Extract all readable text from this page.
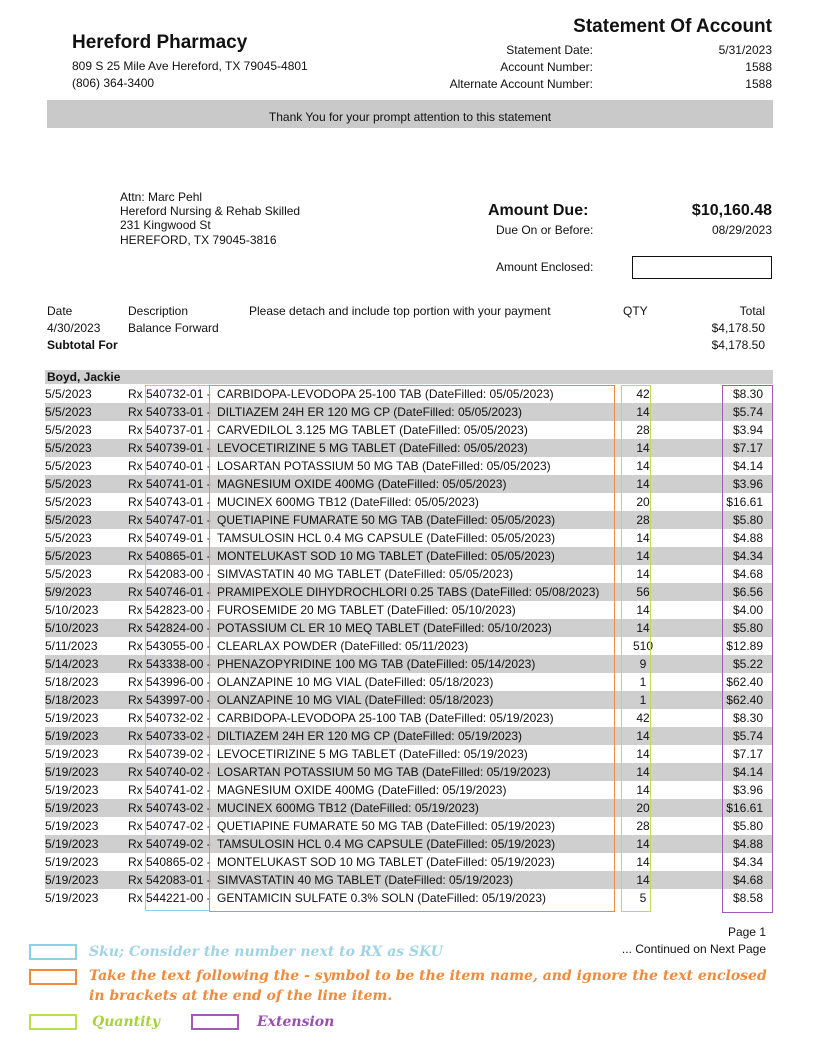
Hereford Pharmacy
809 S 25 Mile Ave Hereford, TX 79045-4801
(806) 364-3400
Statement Of Account
Statement Date:	5/31/2023
Account Number:	1588
Alternate Account Number:	1588
Thank You for your prompt attention to this statement
Attn: Marc Pehl
Hereford Nursing & Rehab Skilled
231 Kingwood St
HEREFORD, TX 79045-3816
Amount Due:	$10,160.48
Due On or Before:	08/29/2023
Amount Enclosed:
Date	Description	Please detach and include top portion with your payment	QTY	Total
4/30/2023 Balance Forward	$4,178.50
Subtotal For	$4,178.50
Boyd, Jackie
5/5/2023	Rx 540732-01 - CARBIDOPA-LEVODOPA 25-100 TAB (DateFilled: 05/05/2023)	42	$8.30
5/5/2023	Rx 540733-01 - DILTIAZEM 24H ER 120 MG CP (DateFilled: 05/05/2023)	14	$5.74
5/5/2023	Rx 540737-01 - CARVEDILOL 3.125 MG TABLET (DateFilled: 05/05/2023)	28	$3.94
5/5/2023	Rx 540739-01 - LEVOCETIRIZINE 5 MG TABLET (DateFilled: 05/05/2023)	14	$7.17
5/5/2023	Rx 540740-01 - LOSARTAN POTASSIUM 50 MG TAB (DateFilled: 05/05/2023)	14	$4.14
5/5/2023	Rx 540741-01 - MAGNESIUM OXIDE 400MG (DateFilled: 05/05/2023)	14	$3.96
5/5/2023	Rx 540743-01 - MUCINEX 600MG TB12 (DateFilled: 05/05/2023)	20	$16.61
5/5/2023	Rx 540747-01 - QUETIAPINE FUMARATE 50 MG TAB (DateFilled: 05/05/2023)	28	$5.80
5/5/2023	Rx 540749-01 - TAMSULOSIN HCL 0.4 MG CAPSULE (DateFilled: 05/05/2023)	14	$4.88
5/5/2023	Rx 540865-01 - MONTELUKAST SOD 10 MG TABLET (DateFilled: 05/05/2023)	14	$4.34
5/5/2023	Rx 542083-00 - SIMVASTATIN 40 MG TABLET (DateFilled: 05/05/2023)	14	$4.68
5/9/2023	Rx 540746-01 - PRAMIPEXOLE DIHYDROCHLORI 0.25 TABS (DateFilled: 05/08/2023)	56	$6.56
5/10/2023 Rx 542823-00 - FUROSEMIDE 20 MG TABLET (DateFilled: 05/10/2023)	14	$4.00
5/10/2023 Rx 542824-00 - POTASSIUM CL ER 10 MEQ TABLET (DateFilled: 05/10/2023)	14	$5.80
5/11/2023	Rx 543055-00 - CLEARLAX POWDER (DateFilled: 05/11/2023)	510	$12.89
5/14/2023 Rx 543338-00 - PHENAZOPYRIDINE 100 MG TAB (DateFilled: 05/14/2023)	9	$5.22
5/18/2023 Rx 543996-00 - OLANZAPINE 10 MG VIAL (DateFilled: 05/18/2023)	1	$62.40
5/18/2023 Rx 543997-00 - OLANZAPINE 10 MG VIAL (DateFilled: 05/18/2023)	1	$62.40
5/19/2023 Rx 540732-02 - CARBIDOPA-LEVODOPA 25-100 TAB (DateFilled: 05/19/2023)	42	$8.30
5/19/2023 Rx 540733-02 - DILTIAZEM 24H ER 120 MG CP (DateFilled: 05/19/2023)	14	$5.74
5/19/2023 Rx 540739-02 - LEVOCETIRIZINE 5 MG TABLET (DateFilled: 05/19/2023)	14	$7.17
5/19/2023 Rx 540740-02 - LOSARTAN POTASSIUM 50 MG TAB (DateFilled: 05/19/2023)	14	$4.14
5/19/2023 Rx 540741-02 - MAGNESIUM OXIDE 400MG (DateFilled: 05/19/2023)	14	$3.96
5/19/2023 Rx 540743-02 - MUCINEX 600MG TB12 (DateFilled: 05/19/2023)	20	$16.61
5/19/2023 Rx 540747-02 - QUETIAPINE FUMARATE 50 MG TAB (DateFilled: 05/19/2023)	28	$5.80
5/19/2023 Rx 540749-02 - TAMSULOSIN HCL 0.4 MG CAPSULE (DateFilled: 05/19/2023)	14	$4.88
5/19/2023 Rx 540865-02 - MONTELUKAST SOD 10 MG TABLET (DateFilled: 05/19/2023)	14	$4.34
5/19/2023 Rx 542083-01 - SIMVASTATIN 40 MG TABLET (DateFilled: 05/19/2023)	14	$4.68
5/19/2023 Rx 544221-00 - GENTAMICIN SULFATE 0.3% SOLN (DateFilled: 05/19/2023)	5	$8.58
Page 1
... Continued on Next Page
Sku; Consider the number next to RX as SKU
Take the text following the - symbol to be the item name, and ignore the text enclosed
in brackets at the end of the line item.
Quantity	Extension
